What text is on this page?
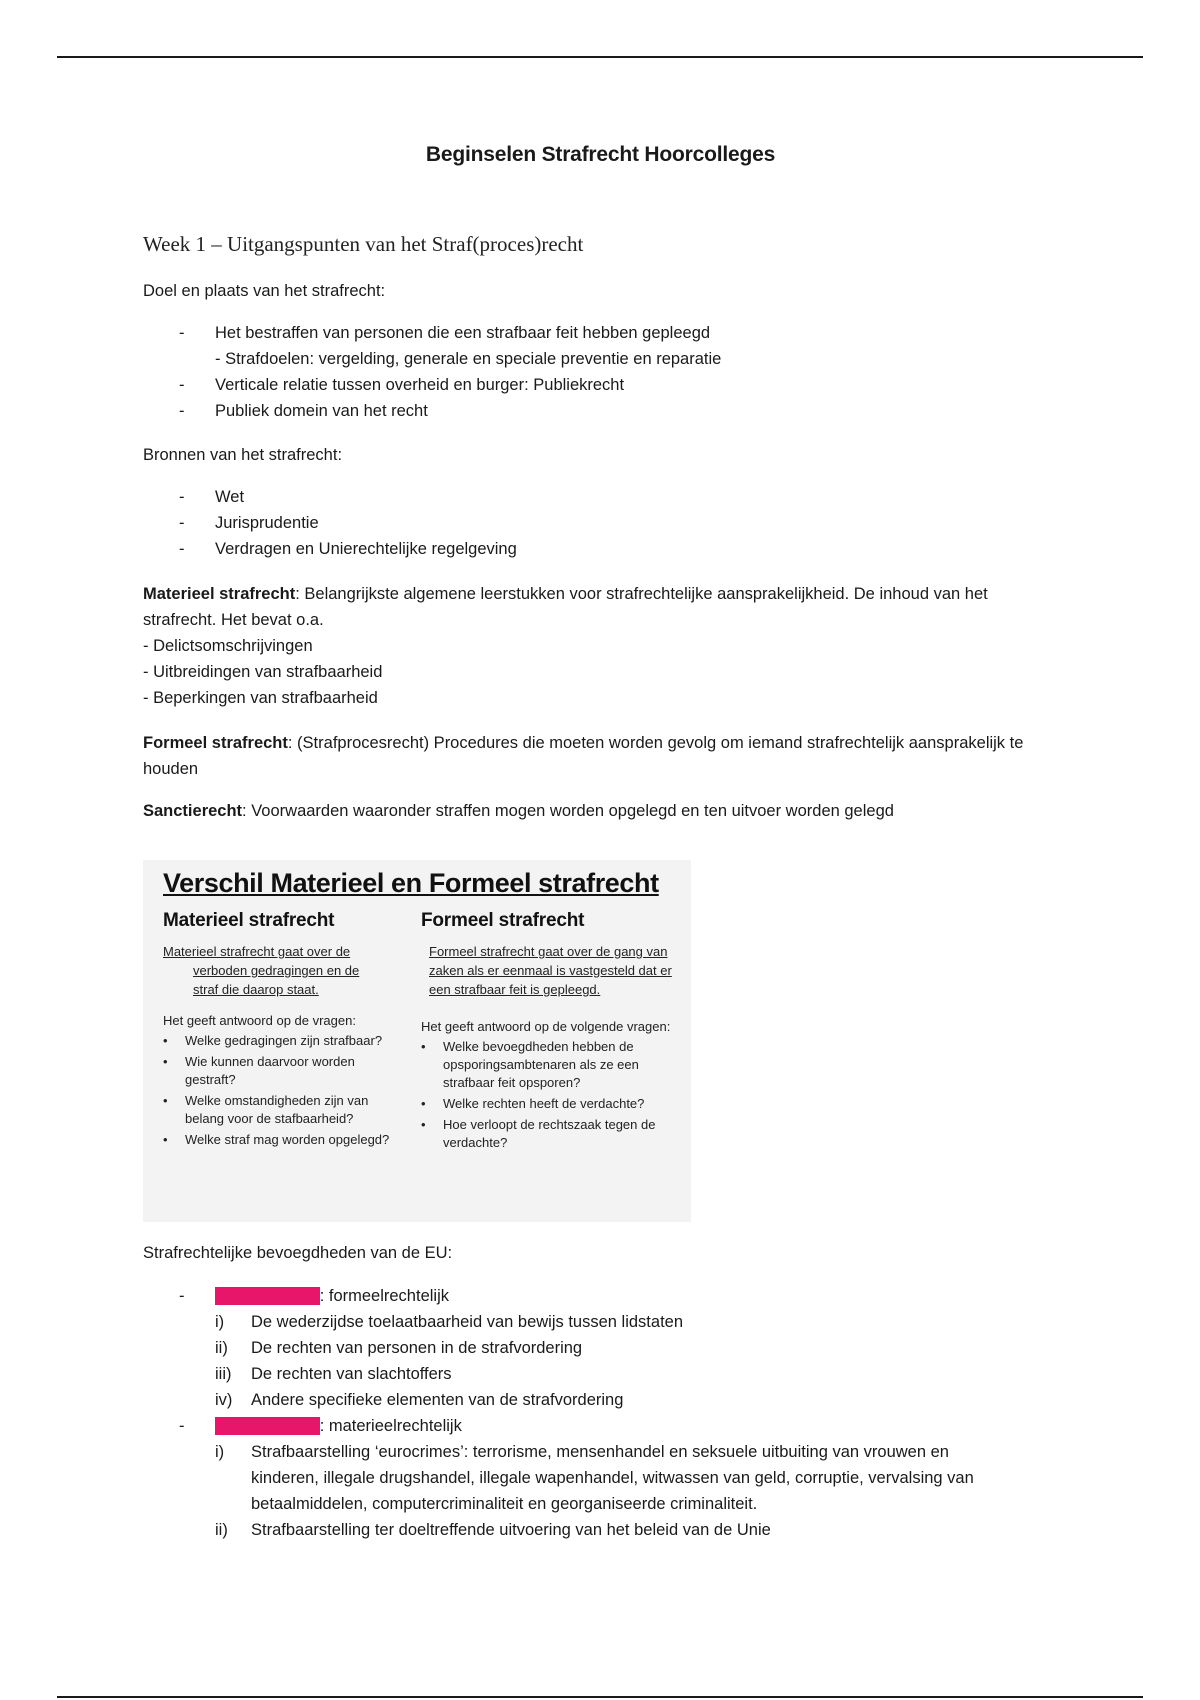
Beginselen Strafrecht Hoorcolleges
Week 1 – Uitgangspunten van het Straf(proces)recht
Doel en plaats van het strafrecht:
- Het bestraffen van personen die een strafbaar feit hebben gepleegd
- Strafdoelen: vergelding, generale en speciale preventie en reparatie
- Verticale relatie tussen overheid en burger: Publiekrecht
- Publiek domein van het recht
Bronnen van het strafrecht:
- Wet
- Jurisprudentie
- Verdragen en Unierechtelijke regelgeving
Materieel strafrecht: Belangrijkste algemene leerstukken voor strafrechtelijke aansprakelijkheid. De inhoud van het strafrecht. Het bevat o.a.
- Delictsomschrijvingen
- Uitbreidingen van strafbaarheid
- Beperkingen van strafbaarheid
Formeel strafrecht: (Strafprocesrecht) Procedures die moeten worden gevolg om iemand strafrechtelijk aansprakelijk te houden
Sanctierecht: Voorwaarden waaronder straffen mogen worden opgelegd en ten uitvoer worden gelegd
Verschil Materieel en Formeel strafrecht
Materieel strafrecht
Materieel strafrecht gaat over de
verboden gedragingen en de
straf die daarop staat.
Het geeft antwoord op de vragen:
• Welke gedragingen zijn strafbaar?
• Wie kunnen daarvoor worden gestraft?
• Welke omstandigheden zijn van belang voor de stafbaarheid?
• Welke straf mag worden opgelegd?
Formeel strafrecht
Formeel strafrecht gaat over de gang van zaken als er eenmaal is vastgesteld dat er een strafbaar feit is gepleegd.
Het geeft antwoord op de volgende vragen:
• Welke bevoegdheden hebben de opsporingsambtenaren als ze een strafbaar feit opsporen?
• Welke rechten heeft de verdachte?
• Hoe verloopt de rechtszaak tegen de verdachte?
Strafrechtelijke bevoegdheden van de EU:
- Art. 82 VWEU: formeelrechtelijk
i) De wederzijdse toelaatbaarheid van bewijs tussen lidstaten
ii) De rechten van personen in de strafvordering
iii) De rechten van slachtoffers
iv) Andere specifieke elementen van de strafvordering
- Art. 83 VWEU: materieelrechtelijk
i) Strafbaarstelling ‘eurocrimes’: terrorisme, mensenhandel en seksuele uitbuiting van vrouwen en kinderen, illegale drugshandel, illegale wapenhandel, witwassen van geld, corruptie, vervalsing van betaalmiddelen, computercriminaliteit en georganiseerde criminaliteit.
ii) Strafbaarstelling ter doeltreffende uitvoering van het beleid van de Unie
